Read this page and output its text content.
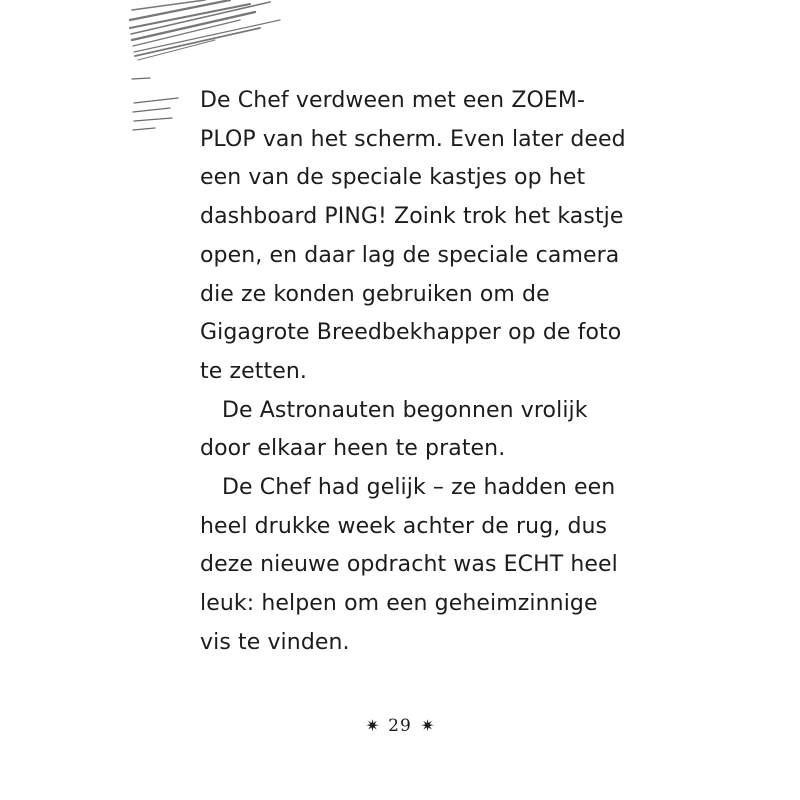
De Chef verdween met een ZOEM-
PLOP van het scherm. Even later deed
een van de speciale kastjes op het
dashboard PING! Zoink trok het kastje
open, en daar lag de speciale camera
die ze konden gebruiken om de
Gigagrote Breedbekhapper op de foto
te zetten.
De Astronauten begonnen vrolijk
door elkaar heen te praten.
De Chef had gelijk – ze hadden een
heel drukke week achter de rug, dus
deze nieuwe opdracht was ECHT heel
leuk: helpen om een geheimzinnige
vis te vinden.
✷ 29 ✷
